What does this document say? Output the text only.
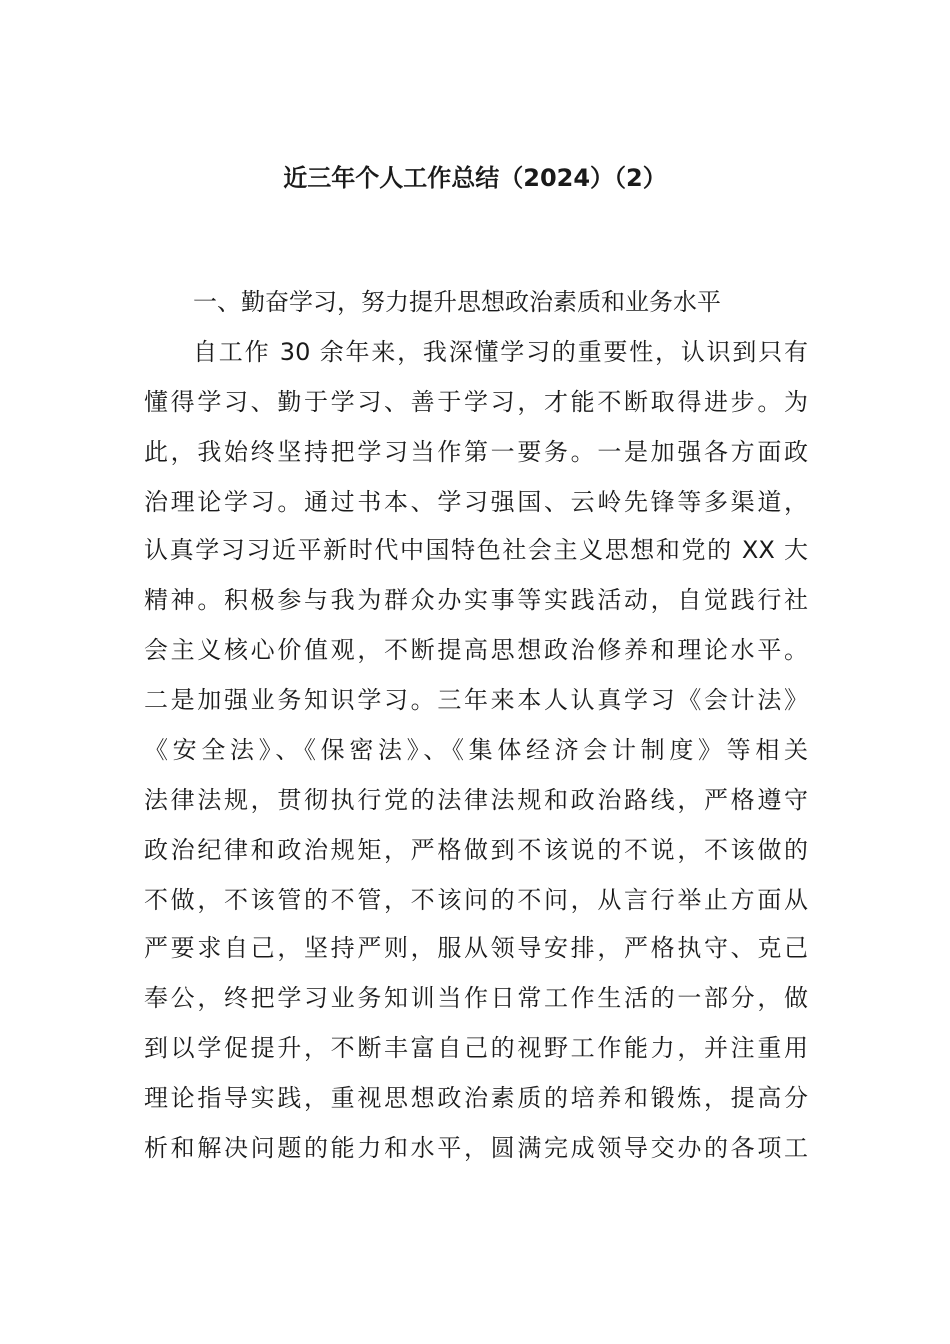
近三年个人工作总结（2024）（2）
一、勤奋学习，努力提升思想政治素质和业务水平
自工作 30 余年来，我深懂学习的重要性，认识到只有
懂得学习、勤于学习、善于学习，才能不断取得进步。为
此，我始终坚持把学习当作第一要务。一是加强各方面政
治理论学习。通过书本、学习强国、云岭先锋等多渠道，
认真学习习近平新时代中国特色社会主义思想和党的 XX 大
精神。积极参与我为群众办实事等实践活动，自觉践行社
会主义核心价值观，不断提高思想政治修养和理论水平。
二是加强业务知识学习。三年来本人认真学习《会计法》
《安全法》、《保密法》、《集体经济会计制度》等相关
法律法规，贯彻执行党的法律法规和政治路线，严格遵守
政治纪律和政治规矩，严格做到不该说的不说，不该做的
不做，不该管的不管，不该问的不问，从言行举止方面从
严要求自己，坚持严则，服从领导安排，严格执守、克己
奉公，终把学习业务知训当作日常工作生活的一部分，做
到以学促提升，不断丰富自己的视野工作能力，并注重用
理论指导实践，重视思想政治素质的培养和锻炼，提高分
析和解决问题的能力和水平，圆满完成领导交办的各项工
